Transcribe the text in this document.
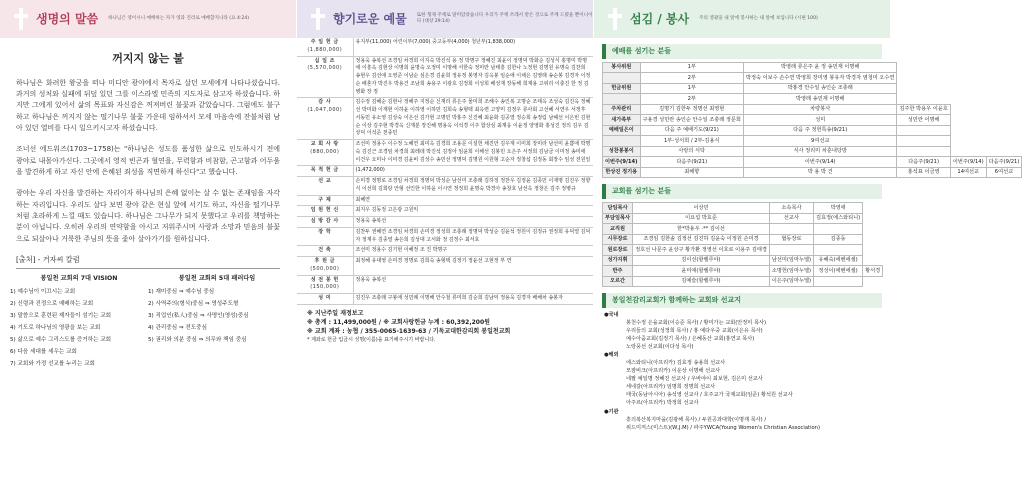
생명의 말씀 하나님은 영이시니 예배하는 자가 영과 진리로 예배할지니라 (요 4:24)
꺼지지 않는 불

하나님은 화려한 왕궁을 떠나 미디안 광야에서 목자로 살던 모세에게 나타나셨습니다. 과거의 성처와 실패에 뒤덮 있던 그를 이스라엘 민족의 지도자로 삼고자 하셨습니다. 하지만 그에게 있어서 삶의 목표와 자신감은 꺼져버린 불꽃과 같았습니다. 그럼에도 불구하고 하나님은 꺼지지 않는 떨기나무 불꽃 가운데 임하셔서 모세 마음속에 잔불처럼 남아 있던 열비를 다시 일으키시고자 하셨습니다.

조너선 에드워즈(1703~1758)는 "하나님은 성도를 품성한 삶으로 인도하시기 전에 광야로 내몰아가신다. 그곳에서 영적 빈곤과 혈연을, 무력함과 비참함, 곤고함과 어두움을 발견하게 하고 자신 안에 은혜된 죄성을 직면하게 하신다"고 했습니다.

광야는 우리 자신을 발견하는 자리이자 하나님의 은혜 없이는 살 수 없는 존재임을 자각하는 자리입니다. 우리도 살다 보면 광야 같은 현실 앞에 서기도 하고, 자신을 떨기나무처럼 초라하게 느낄 때도 있습니다. 하나님은 그나무가 되지 못했다고 우리를 책망하는 분이 아닙니다. 오히려 우리의 연약함을 아시고 저워주시며 사랑과 소망과 믿음의 불꽃으로 되살아나 거룩한 주님의 뜻을 좇아 살아가기를 원하십니다.

[출처] - 거자씨 칼럼
봉일천 교회의 7대 VISION
1) 예수님이 이끄시는 교회
2) 신령과 진정으로 예배하는 교회
3) 말씀으로 훈련된 제자들이 섬기는 교회
4) 기도로 하나님의 영광을 보는 교회
5) 삶으로 예수 그리스도를 증거하는 교회
6) 다음 세대를 세우는 교회
7) 교회와 가정 선교를 누리는 교회
봉일천 교회의 5대 패러다임
1) 재미중심 ⇒ 예수님 중심
2) 사역주의(형식)중심 ⇒ 영성주도형
3) 직업인(私人)중심 ⇒ 사명인(영성)중심
4) 관리중심 ⇒ 전도중심
5) 권리와 의분 중심 ⇒ 의무와 책임 중심
향기로운 예물 또한 형제 주께로 말미암았습니다 우리가 주께 쓰레서 받은 것으로 주께 드렸을 뿐이니이다 (대상 29:14)
주 일 헌 금
(1,880,000)	유지부(11,000) 어린이부(7,000) 중고등부(4,000) 청년부(1,838,000)
십 일 조
(5,570,000)	정용욱 송복선 조경임 차경희 이지숙 박진석 용 정 박명구 정혜진 최윤이 정명덕 박화순 김성식 홍명미 박명애 이흥옥 김현상 이명희 윤명숙 오정미 이명해 서한숙 정미란 남태흥 김한나 노정현 김명원 유명숙 김찬희 송현우 김선애 오영준 이남순 심은경 김윤희 정유정 봉영자 김옥봉 임순애 이채은 김영래 송순봉 김경자 이정순 배혼자 박진우 박용건 조남희 송용구 이광호 김정희 이성희 배성재 장동해 희재용 고위리 이충진 한 정 김병화 장 정
감 사
(1,047,000)	김수정 김혜순 김현나 정해주 지정순 신재리 류은주 물미희 조해수 송인복 고명순 조태옥 조성숙 김진옥 정혜선 박미화 이재현 이하윤 이하영 이하민 김희숙 송형택 최옥련 고양미 김정우 류사회 고선혜 서연우 서정후 서동민 유소영 김상숙 이은선 김가현 고명민 박홍주 신진혜 최윤화 김공열 정승희 송정림 남헤선 이은빈 김현순 이상 김주현 박경옥 신재분 장진혜 명용옥 이석경 이주 함상심 최재웅 이윤정 양영화 홍성진 정의 김우 김상덕 이석준 천종민
교 회 사 랑
(880,000)	조선미 정용수 이수정 노혜연 최미옥 김경희 조용문 이설헌 채진만 김우재 이미희 장미라 남선미 윤쁨애 박명숙 김진근 조경임 차경희 최레데 박진석 김정아 임윤희 이해선 김봉민 오은주 서정희 김남금 이미정 송미애 이건우 오미나 이미경 김윤비 김성수 송민선 정명덕 김명원 이원형 고순자 정창섭 김정동 회장수 임성 전원일
목 적 헌 금	(1,472,000)
선 교	손미경 정명로 조경임 차경희 정명덕 박성순 남선미 조충래 김하정 정찬우 김정윤 김종민 이재명 김진우 정향식 이선희 김희랑 안형 선인한 이하윤 이시연 정정희 윤명숙 박경아 송창호 남선옥 정창은 김주 정병규
구 제	최혜연
임 원 헌 신	최지우 김동정 고은광 고원익
심 방 감 사	정용욱 송복선
장 학	김찬두 권혜연 조경임 차경희 손미경 정성희 조충래 정명덕 박성순 김윤석 정원이 김정규 권정희 유덕열 김덕자 정재우 김종열 송은희 김성대 고서화 정 김정수 최서호
건 축	조선미 정용수 김기현 이혜정 조 진 박명구
후 원 금
(500,000)	최정혜 유대영 손미경 정명로 김희숙 송형택 김정기 정윤선 고현정 부 연
성 전 봉 헌
(150,000)	정용욱 송복선
성 미	김진우 조충래 구봉애 성민례 이명해 안수철 류미희 김순희 김남익 정용욱 김경자 배해차 송봉자
※ 지난주일 재정보고
※ 총계 : 11,499,000원 / ※ 교회사랑헌금 누계 : 60,392,200원
※ 교회 계좌 : 농협 / 355-0065-1639-63 / 기독교대한감리회 봉일천교회
* 계좌로 헌금 입금시 성명(이름)을 표기해주시기 바랍니다.
섬김 / 봉사 주의 영광을 내 앞에 봉사하는 내 앞에 보입니다 (시편 100)
예배를 섬기는 분들
봉사위원	1부	박영래 류은주 윤 정 송민재 이명해			
	2부	박정숙 이보수 손수연 박영희 장미영 봉유자 박경자 염청미 오수연			
헌금위원	1부	박홍경 안수일 송인순 조충래			
	2부	박영래 송민재 이명해			
주차관리	김명기 김한두 정명선 최영현	차량봉사	김주한 박용우 이윤호		
새가족부	구용경 성민란 송인순 안수일 조충래 정문희	성미	성민란 이명해		
예배일은이	다음 주 예배기도(9/21)	다음 주 정헌특송(9/21)			
	1부-성서희 / 2부-김용식	9여선교			
성찬봉봉이	사랑의 식탁	식사 정리미 차훈내당방			
이번주(9/14)	다음주(9/21)	이번주(9/14)	다음주(9/21)	이번주(9/14)	다음주(9/21)
한상진 정기용	최해향	박 용 박 건	홍석표 이금영	14여선교	6여선교
교회를 섬기는 분들
담임목사	이상민	소속목사	박영애	
부담임목사	이요섭 박효준	선교사	김효정(에스와티니)	
교직원	한*박용우 ·** 김이선			
시무장로	조경임 김한솔 김정선 김진하 김윤숙 이정원 손미경	협동장로	김종동	
원로장로	정호선 나문주 윤상구 황가환 정영선 이호로 이용주 김태경			
성가지휘	김이선(할렐루야)	남선미(임마누엘)	유혜숙(에벤에셀)	
반주	윤미애(할렐루야)	소명헌(임마누엘)	정성이(에벤에셀)	황서경
오르간	김예슬(할렐루야)	이은주(임마누엘)		
봉일천감리교회가 함께하는 교회와 선교지
●국내
봉천수정 은을교회(이승준 목사) / 황미가는 교회(안정미 목사)
우리들의 교회(성정희 목사) / 홍 예다우중 교회(이은유 목사)
예수아줌교회(김정기 목사) / 은혜동산 교회(홍연교 목사)
노랑풍선 선교회(이다성 목사)
●해외
에스와티니(아프리카) 김효정 송용희 선교사
모잠비크(아프리카) 이운상 이명해 선교사
네팔 예일명 정혜진 선교사 / 우바야이 최보현, 김은미 선교사
세네갈(아프리카) 임명희 정명희 선교사
태국(동남아시아) 송석영 선교사 / 호주교가 국제교회(임준) 황석원 선교사
아주르(아프리카) 박정희 선교사
●기관
흥의복산복지마을(김광해 목사) / 두원공과대학(이명재 목사) /
위드미저스(미스트)(W,J.M) / 파주YWCA(Young Women's Christian Association)
